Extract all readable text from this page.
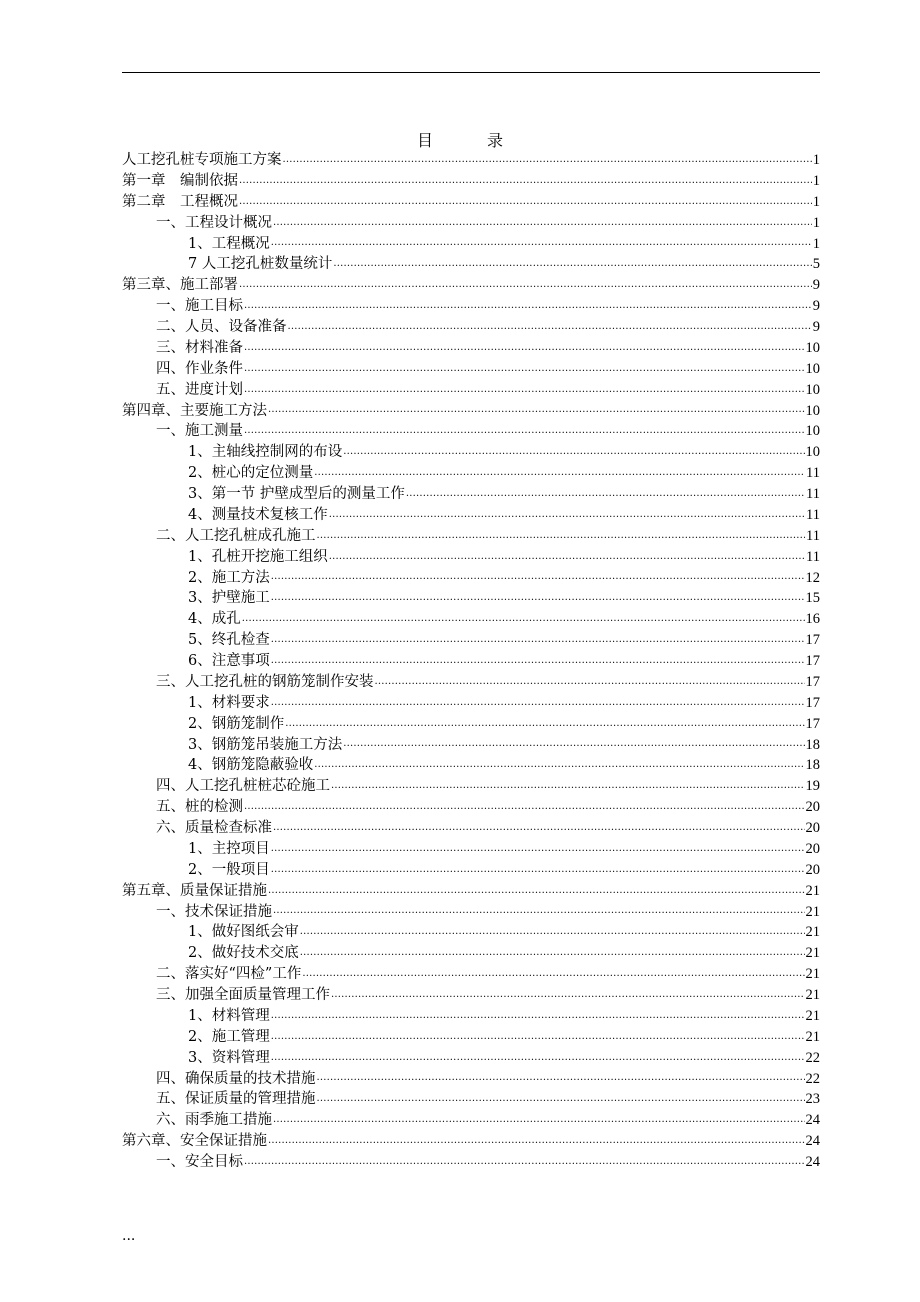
目录
人工挖孔桩专项施工方案 .....	1
第一章　编制依据 .....	1
第二章　工程概况 .....	1
一、工程设计概况 .....	1
1、工程概况 .....	1
7 人工挖孔桩数量统计 .....	5
第三章、施工部署 .....	9
一、施工目标 .....	9
二、人员、设备准备 .....	9
三、材料准备 .....	10
四、作业条件 .....	10
五、进度计划 .....	10
第四章、主要施工方法 .....	10
一、施工测量 .....	10
1、主轴线控制网的布设 .....	10
2、桩心的定位测量 .....	11
3、第一节 护壁成型后的测量工作 .....	11
4、测量技术复核工作 .....	11
二、人工挖孔桩成孔施工 .....	11
1、孔桩开挖施工组织 .....	11
2、施工方法 .....	12
3、护壁施工 .....	15
4、成孔 .....	16
5、终孔检查 .....	17
6、注意事项 .....	17
三、人工挖孔桩的钢筋笼制作安装 .....	17
1、材料要求 .....	17
2、钢筋笼制作 .....	17
3、钢筋笼吊装施工方法 .....	18
4、钢筋笼隐蔽验收 .....	18
四、人工挖孔桩桩芯砼施工 .....	19
五、桩的检测 .....	20
六、质量检查标准 .....	20
1、主控项目 .....	20
2、一般项目 .....	20
第五章、质量保证措施 .....	21
一、技术保证措施 .....	21
1、做好图纸会审 .....	21
2、做好技术交底 .....	21
二、落实好“四检”工作 .....	21
三、加强全面质量管理工作 .....	21
1、材料管理 .....	21
2、施工管理 .....	21
3、资料管理 .....	22
四、确保质量的技术措施 .....	22
五、保证质量的管理措施 .....	23
六、雨季施工措施 .....	24
第六章、安全保证措施 .....	24
一、安全目标 .....	24
...
